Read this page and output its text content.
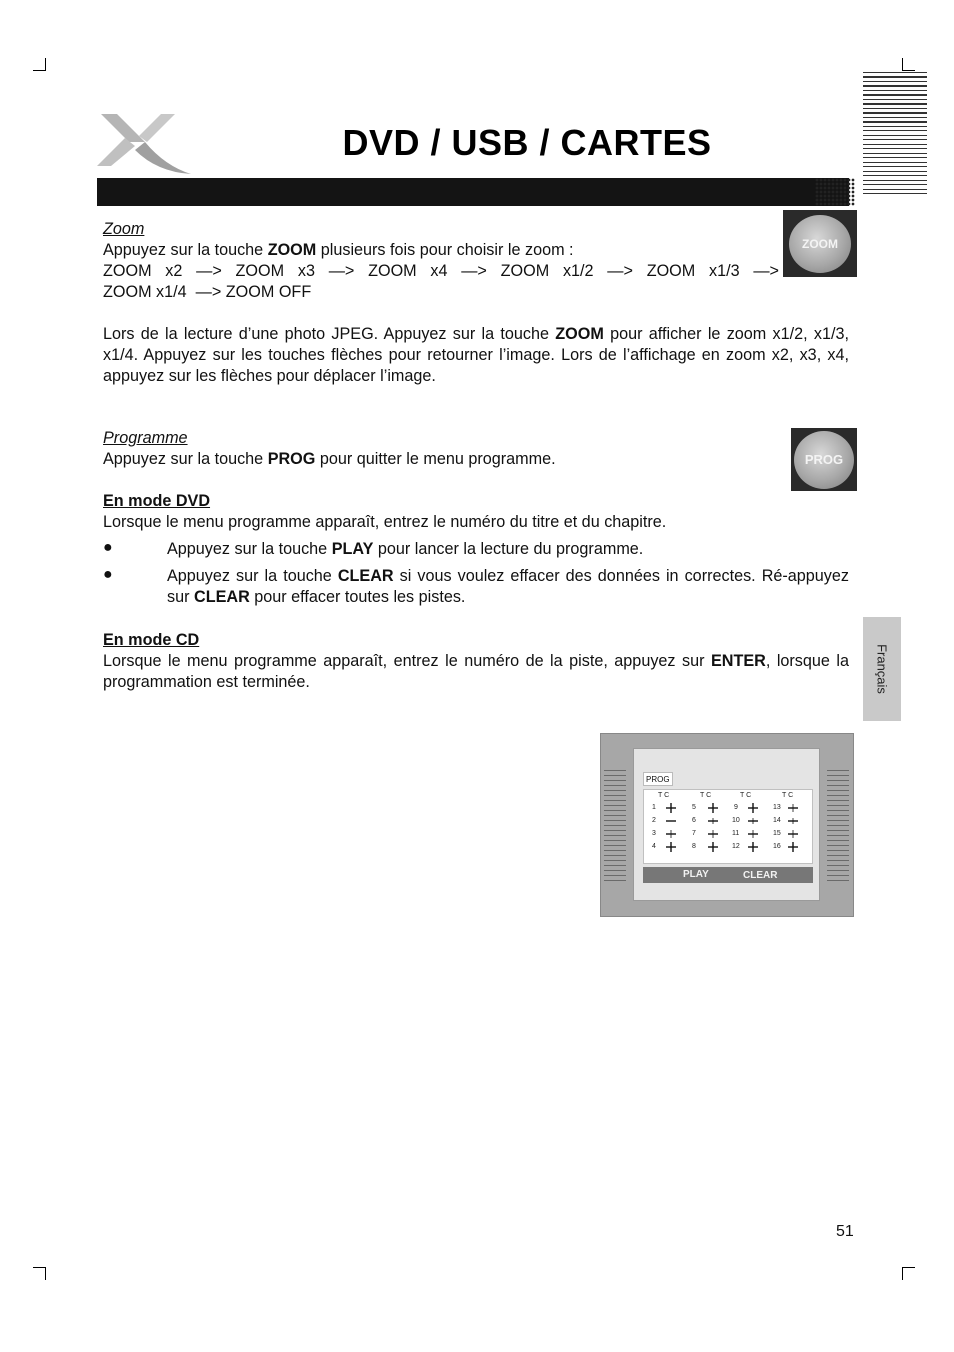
DVD / USB / CARTES
Zoom
Appuyez sur la touche ZOOM plusieurs fois pour choisir le zoom :
ZOOM x2 —> ZOOM x3 —> ZOOM x4 —> ZOOM x1/2 —> ZOOM x1/3 —>
ZOOM x1/4  —> ZOOM OFF
ZOOM
Lors de la lecture d’une photo JPEG. Appuyez sur la touche ZOOM pour afficher le zoom x1/2, x1/3, x1/4. Appuyez sur les touches flèches pour retourner l’image. Lors de l’affichage en zoom x2, x3, x4, appuyez sur les flèches pour déplacer l’image.
Programme
Appuyez sur la touche PROG pour quitter le menu programme.	PROG
En mode DVD
Lorsque le menu programme apparaît, entrez le numéro du titre et du chapitre.
●	Appuyez sur la touche PLAY pour lancer la lecture du programme.
●	Appuyez sur la touche CLEAR si vous voulez effacer des données in correctes. Ré-appuyez sur CLEAR pour effacer toutes les pistes.
En mode CD
Lorsque le menu programme apparaît, entrez le numéro de la piste, appuyez sur ENTER, lorsque la programmation est terminée.	Français
PROG
T C	T C	T C	T C
1	5	9	13
2	6	10	14
3	7	11	15
4	8	12	16
PLAY	CLEAR
51
